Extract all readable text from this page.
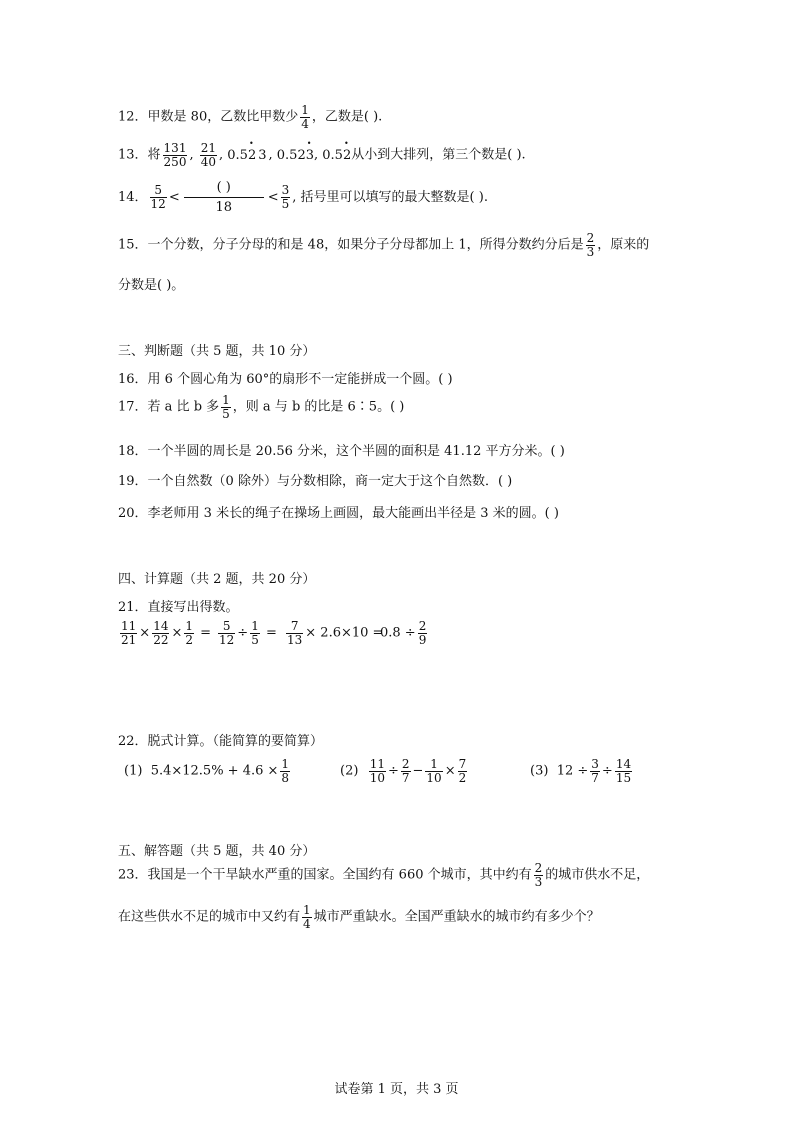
12．甲数是 80，乙数比甲数少 $\frac{1}{4}$ ，乙数是( ).
13．将 $\frac{131}{250}$ , $\frac{21}{40}$ , 0.5• 23, 0.52• 3, 0.5• 2从小到大排列，第三个数是( ).
14． $\frac{5}{12}$ <
( )
18
< $\frac{3}{5}$ , 括号里可以填写的最大整数是( ).
15．一个分数，分子分母的和是 48，如果分子分母都加上 1，所得分数约分后是 $\frac{2}{3}$ ，原来的
分数是( )。
三、判断题（共 5 题，共 10 分）
16．用 6 个圆心角为 60°的扇形不一定能拼成一个圆。( )
17．若 a 比 b 多 $\frac{1}{5}$ ，则 a 与 b 的比是 6∶5。( )
18．一个半圆的周长是 20.56 分米，这个半圆的面积是 41.12 平方分米。( )
19．一个自然数（0 除外）与分数相除，商一定大于这个自然数．( )
20．李老师用 3 米长的绳子在操场上画圆，最大能画出半径是 3 米的圆。( )
四、计算题（共 2 题，共 20 分）
21．直接写出得数。
$\frac{11}{21} \times \frac{14}{22} \times \frac{1}{2} = \frac{5}{12} \div \frac{1}{5} = \frac{7}{13} \times 2.6\times 10$ =
$0.8 \div \frac{2}{9}$
22．脱式计算。（能简算的要简算）
(1) $5.4\times 12.5\% + 4.6 \times \frac{1}{8}$	$(2) \frac{11}{10} \div \frac{2}{7} - \frac{1}{10} \times \frac{7}{2}$	(3) $12 \div \frac{3}{7} \div \frac{14}{15}$
五、解答题（共 5 题，共 40 分）
23．我国是一个干旱缺水严重的国家。全国约有 660 个城市，其中约有 $\frac{2}{3}$ 的城市供水不足，
在这些供水不足的城市中又约有 $\frac{1}{4}$ 城市严重缺水。全国严重缺水的城市约有多少个？
试卷第 1 页，共 3 页
